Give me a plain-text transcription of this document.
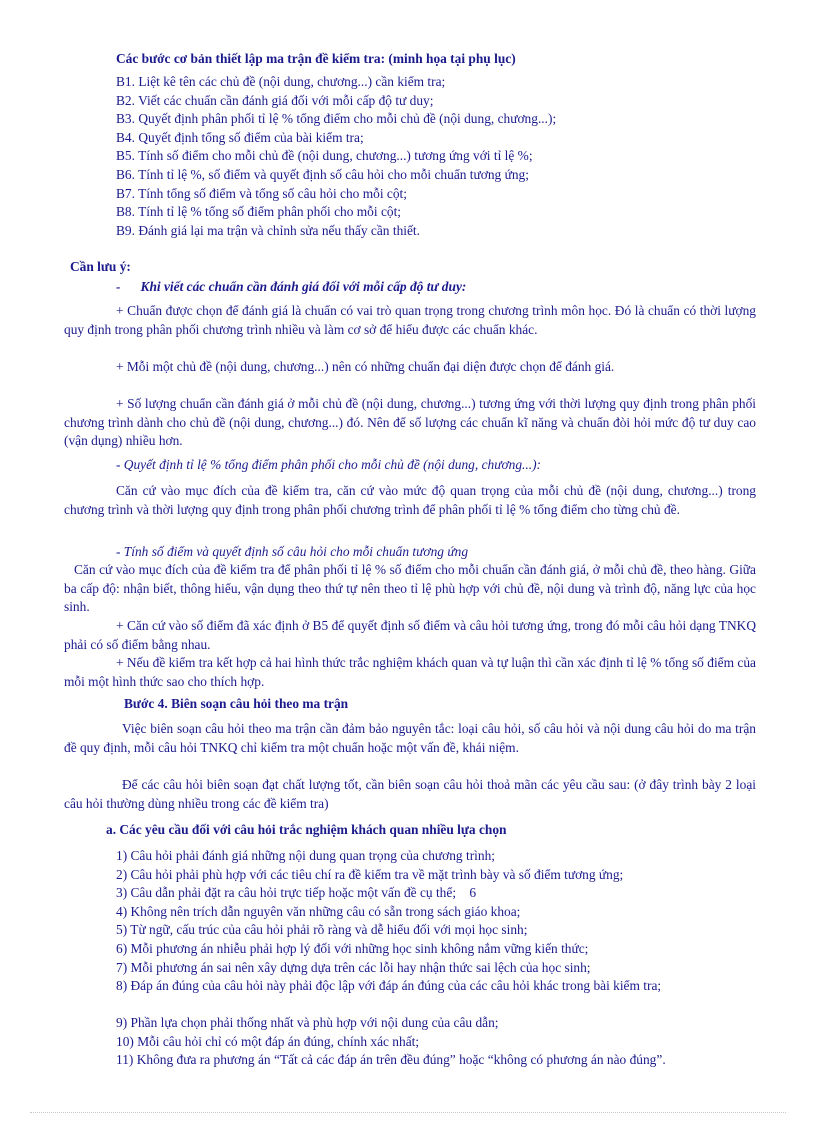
Các bước cơ bản thiết lập ma trận đề kiểm tra: (minh họa tại phụ lục)
B1. Liệt kê tên các chủ đề (nội dung, chương...) cần kiểm tra;
B2. Viết các chuẩn cần đánh giá đối với mỗi cấp độ tư duy;
B3. Quyết định phân phối tỉ lệ % tổng điểm cho mỗi chủ đề (nội dung, chương...);
B4. Quyết định tổng số điểm của bài kiểm tra;
B5. Tính số điểm cho mỗi chủ đề (nội dung, chương...) tương ứng với tỉ lệ %;
B6. Tính tỉ lệ %, số điểm và quyết định số câu hỏi cho mỗi chuẩn tương ứng;
B7. Tính tổng số điểm và tổng số câu hỏi cho mỗi cột;
B8. Tính tỉ lệ % tổng số điểm phân phối cho mỗi cột;
B9. Đánh giá lại ma trận và chỉnh sửa nếu thấy cần thiết.
Cần lưu ý:
-      Khi viết các chuẩn cần đánh giá đối với mỗi cấp độ tư duy:
+ Chuẩn được chọn để đánh giá là chuẩn có vai trò quan trọng trong chương trình môn học. Đó là chuẩn có thời lượng quy định trong phân phối chương trình nhiều và làm cơ sở để hiểu được các chuẩn khác.
+ Mỗi một chủ đề (nội dung, chương...) nên có những chuẩn đại diện được chọn để đánh giá.
+ Số lượng chuẩn cần đánh giá ở mỗi chủ đề (nội dung, chương...) tương ứng với thời lượng quy định trong phân phối chương trình dành cho chủ đề (nội dung, chương...) đó. Nên để số lượng các chuẩn kĩ năng và chuẩn đòi hỏi mức độ tư duy cao (vận dụng) nhiều hơn.
- Quyết định tỉ lệ % tổng điểm phân phối cho mỗi chủ đề (nội dung, chương...):
Căn cứ vào mục đích của đề kiểm tra, căn cứ vào mức độ quan trọng của mỗi chủ đề (nội dung, chương...) trong chương trình và thời lượng quy định trong phân phối chương trình để phân phối tỉ lệ % tổng điểm cho từng chủ đề.
- Tính số điểm và quyết định số câu hỏi cho mỗi chuẩn tương ứng
Căn cứ vào mục đích của đề kiểm tra để phân phối tỉ lệ % số điểm cho mỗi chuẩn cần đánh giá, ở mỗi chủ đề, theo hàng. Giữa ba cấp độ: nhận biết, thông hiểu, vận dụng theo thứ tự nên theo tỉ lệ phù hợp với chủ đề, nội dung và trình độ, năng lực của học sinh.
+ Căn cứ vào số điểm đã xác định ở B5 để quyết định số điểm và câu hỏi tương ứng, trong đó mỗi câu hỏi dạng TNKQ phải có số điểm bằng nhau.
+ Nếu đề kiểm tra kết hợp cả hai hình thức trắc nghiệm khách quan và tự luận thì cần xác định tỉ lệ % tổng số điểm của mỗi một hình thức sao cho thích hợp.
Bước 4. Biên soạn câu hỏi theo ma trận
Việc biên soạn câu hỏi theo ma trận cần đảm bảo nguyên tắc: loại câu hỏi, số câu hỏi và nội dung câu hỏi do ma trận đề quy định, mỗi câu hỏi TNKQ chỉ kiểm tra một chuẩn hoặc một vấn đề, khái niệm.
Để các câu hỏi biên soạn đạt chất lượng tốt, cần biên soạn câu hỏi thoả mãn các yêu cầu sau: (ở đây trình bày 2 loại câu hỏi thường dùng nhiều trong các đề kiểm tra)
a. Các yêu cầu đối với câu hỏi trắc nghiệm khách quan nhiều lựa chọn
1) Câu hỏi phải đánh giá những nội dung quan trọng của chương trình;
2) Câu hỏi phải phù hợp với các tiêu chí ra đề kiểm tra về mặt trình bày và số điểm tương ứng;
3) Câu dẫn phải đặt ra câu hỏi trực tiếp hoặc một vấn đề cụ thể;    6
4) Không nên trích dẫn nguyên văn những câu có sẵn trong sách giáo khoa;
5) Từ ngữ, cấu trúc của câu hỏi phải rõ ràng và dễ hiểu đối với mọi học sinh;
6) Mỗi phương án nhiễu phải hợp lý đối với những học sinh không nắm vững kiến thức;
7) Mỗi phương án sai nên xây dựng dựa trên các lỗi hay nhận thức sai lệch của học sinh;
8) Đáp án đúng của câu hỏi này phải độc lập với đáp án đúng của các câu hỏi khác trong bài kiểm tra;
9) Phần lựa chọn phải thống nhất và phù hợp với nội dung của câu dẫn;
10) Mỗi câu hỏi chỉ có một đáp án đúng, chính xác nhất;
11) Không đưa ra phương án “Tất cả các đáp án trên đều đúng” hoặc “không có phương án nào đúng”.
